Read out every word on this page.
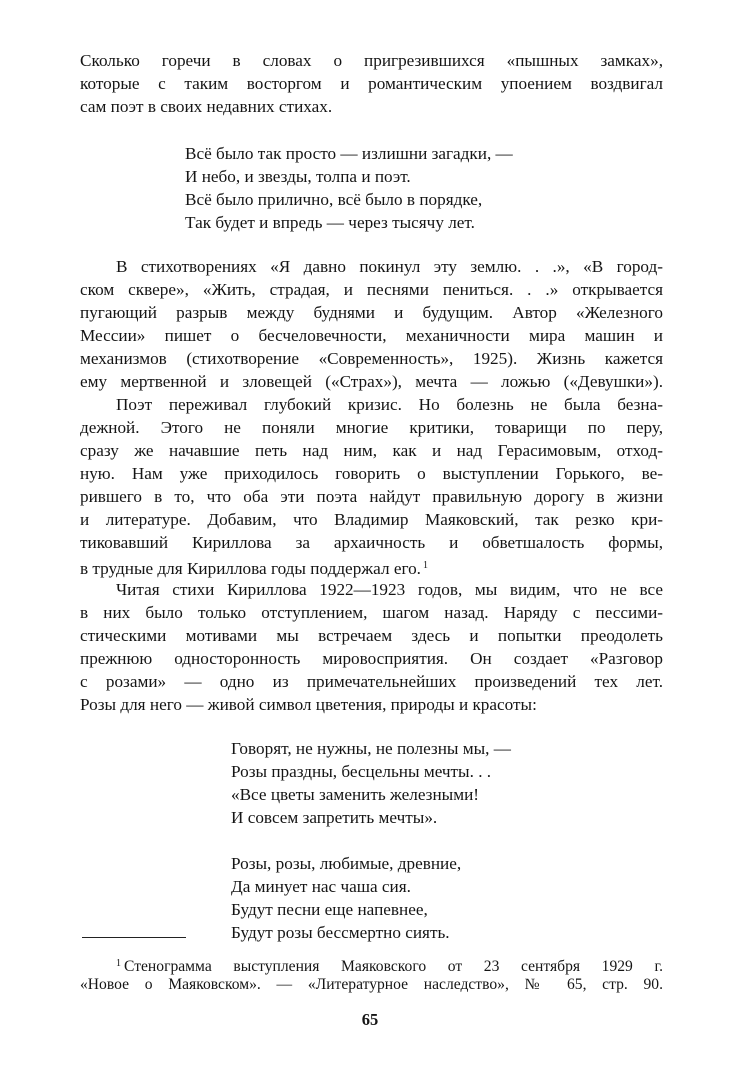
Сколько горечи в словах о пригрезившихся «пышных замках»,
которые с таким восторгом и романтическим упоением воздвигал
сам поэт в своих недавних стихах.
Всё было так просто — излишни загадки, —
И небо, и звезды, толпа и поэт.
Всё было прилично, всё было в порядке,
Так будет и впредь — через тысячу лет.
В стихотворениях «Я давно покинул эту землю. . .», «В город-
ском сквере», «Жить, страдая, и песнями пениться. . .» открывается
пугающий разрыв между буднями и будущим. Автор «Железного
Мессии» пишет о бесчеловечности, механичности мира машин и
механизмов (стихотворение «Современность», 1925). Жизнь кажется
ему мертвенной и зловещей («Страх»), мечта — ложью («Девушки»).
Поэт переживал глубокий кризис. Но болезнь не была безна-
дежной. Этого не поняли многие критики, товарищи по перу,
сразу же начавшие петь над ним, как и над Герасимовым, отход-
ную. Нам уже приходилось говорить о выступлении Горького, ве-
рившего в то, что оба эти поэта найдут правильную дорогу в жизни
и литературе. Добавим, что Владимир Маяковский, так резко кри-
тиковавший Кириллова за архаичность и обветшалость формы,
в трудные для Кириллова годы поддержал его. $^1$
Читая стихи Кириллова 1922—1923 годов, мы видим, что не все
в них было только отступлением, шагом назад. Наряду с пессими-
стическими мотивами мы встречаем здесь и попытки преодолеть
прежнюю односторонность мировосприятия. Он создает «Разговор
с розами» — одно из примечательнейших произведений тех лет.
Розы для него — живой символ цветения, природы и красоты:
Говорят, не нужны, не полезны мы, —
Розы праздны, бесцельны мечты. . .
«Все цветы заменить железными!
И совсем запретить мечты».
Розы, розы, любимые, древние,
Да минует нас чаша сия.
Будут песни еще напевнее,
Будут розы бессмертно сиять.
$^1$ Стенограмма выступления Маяковского от 23 сентября 1929 г.
«Новое о Маяковском». — «Литературное наследство», № 65, стр. 90.
65
